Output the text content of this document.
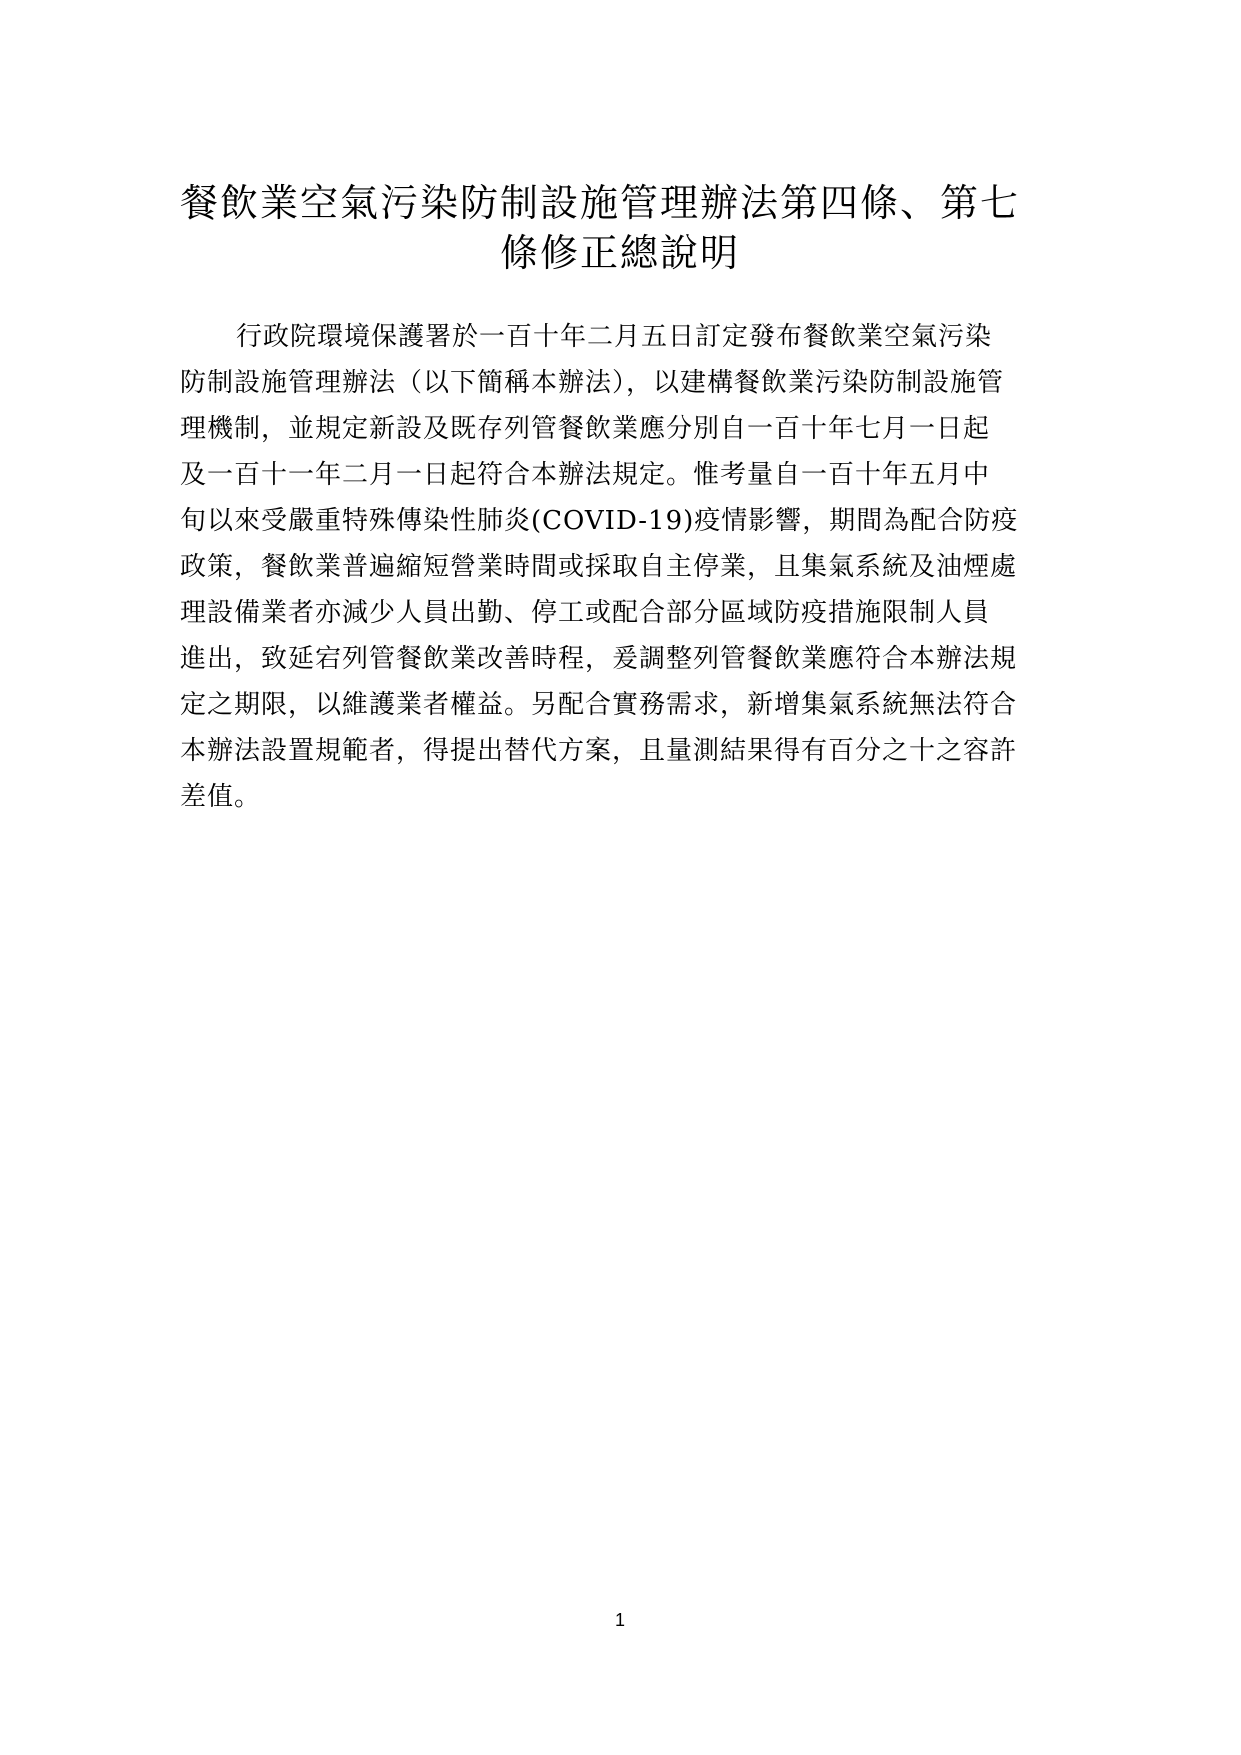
餐飲業空氣污染防制設施管理辦法第四條、第七
條修正總說明
行政院環境保護署於一百十年二月五日訂定發布餐飲業空氣污染
防制設施管理辦法（以下簡稱本辦法），以建構餐飲業污染防制設施管
理機制，並規定新設及既存列管餐飲業應分別自一百十年七月一日起
及一百十一年二月一日起符合本辦法規定。惟考量自一百十年五月中
旬以來受嚴重特殊傳染性肺炎(COVID-19)疫情影響，期間為配合防疫
政策，餐飲業普遍縮短營業時間或採取自主停業，且集氣系統及油煙處
理設備業者亦減少人員出勤、停工或配合部分區域防疫措施限制人員
進出，致延宕列管餐飲業改善時程，爰調整列管餐飲業應符合本辦法規
定之期限，以維護業者權益。另配合實務需求，新增集氣系統無法符合
本辦法設置規範者，得提出替代方案，且量測結果得有百分之十之容許
差值。
1
